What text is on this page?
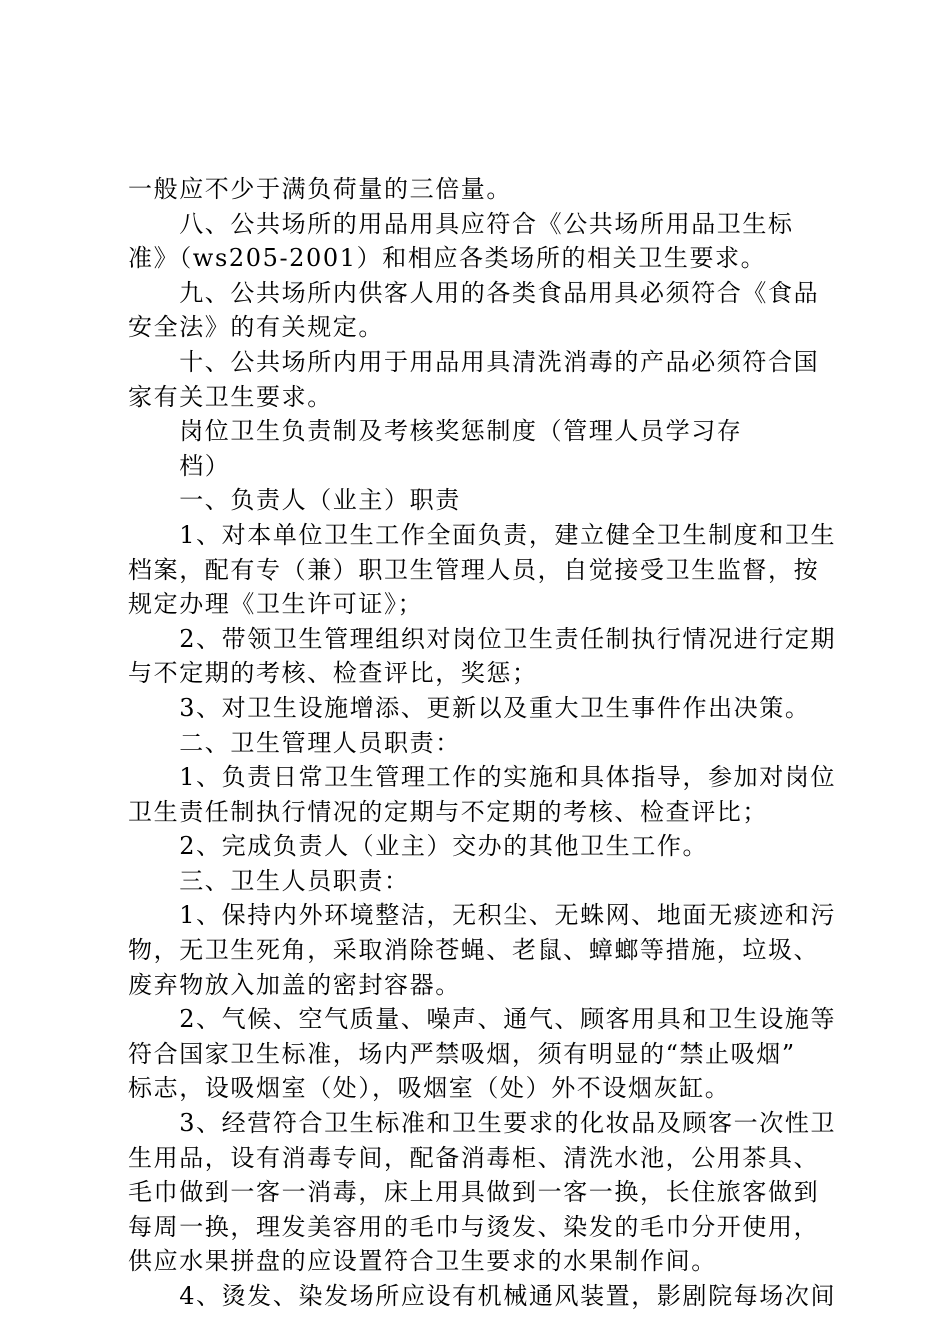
一般应不少于满负荷量的三倍量。
　　八、公共场所的用品用具应符合《公共场所用品卫生标
准》（ws205-2001）和相应各类场所的相关卫生要求。
　　九、公共场所内供客人用的各类食品用具必须符合《食品
安全法》的有关规定。
　　十、公共场所内用于用品用具清洗消毒的产品必须符合国
家有关卫生要求。
　　岗位卫生负责制及考核奖惩制度（管理人员学习存
　　档）
　　一、负责人（业主）职责
　　1、对本单位卫生工作全面负责，建立健全卫生制度和卫生
档案，配有专（兼）职卫生管理人员，自觉接受卫生监督，按
规定办理《卫生许可证》；
　　2、带领卫生管理组织对岗位卫生责任制执行情况进行定期
与不定期的考核、检查评比，奖惩；
　　3、对卫生设施增添、更新以及重大卫生事件作出决策。
　　二、卫生管理人员职责：
　　1、负责日常卫生管理工作的实施和具体指导，参加对岗位
卫生责任制执行情况的定期与不定期的考核、检查评比；
　　2、完成负责人（业主）交办的其他卫生工作。
　　三、卫生人员职责：
　　1、保持内外环境整洁，无积尘、无蛛网、地面无痰迹和污
物，无卫生死角，采取消除苍蝇、老鼠、蟑螂等措施，垃圾、
废弃物放入加盖的密封容器。
　　2、气候、空气质量、噪声、通气、顾客用具和卫生设施等
符合国家卫生标准，场内严禁吸烟，须有明显的“禁止吸烟”
标志，设吸烟室（处），吸烟室（处）外不设烟灰缸。
　　3、经营符合卫生标准和卫生要求的化妆品及顾客一次性卫
生用品，设有消毒专间，配备消毒柜、清洗水池，公用茶具、
毛巾做到一客一消毒，床上用具做到一客一换，长住旅客做到
每周一换，理发美容用的毛巾与烫发、染发的毛巾分开使用，
供应水果拼盘的应设置符合卫生要求的水果制作间。
　　4、烫发、染发场所应设有机械通风装置，影剧院每场次间
